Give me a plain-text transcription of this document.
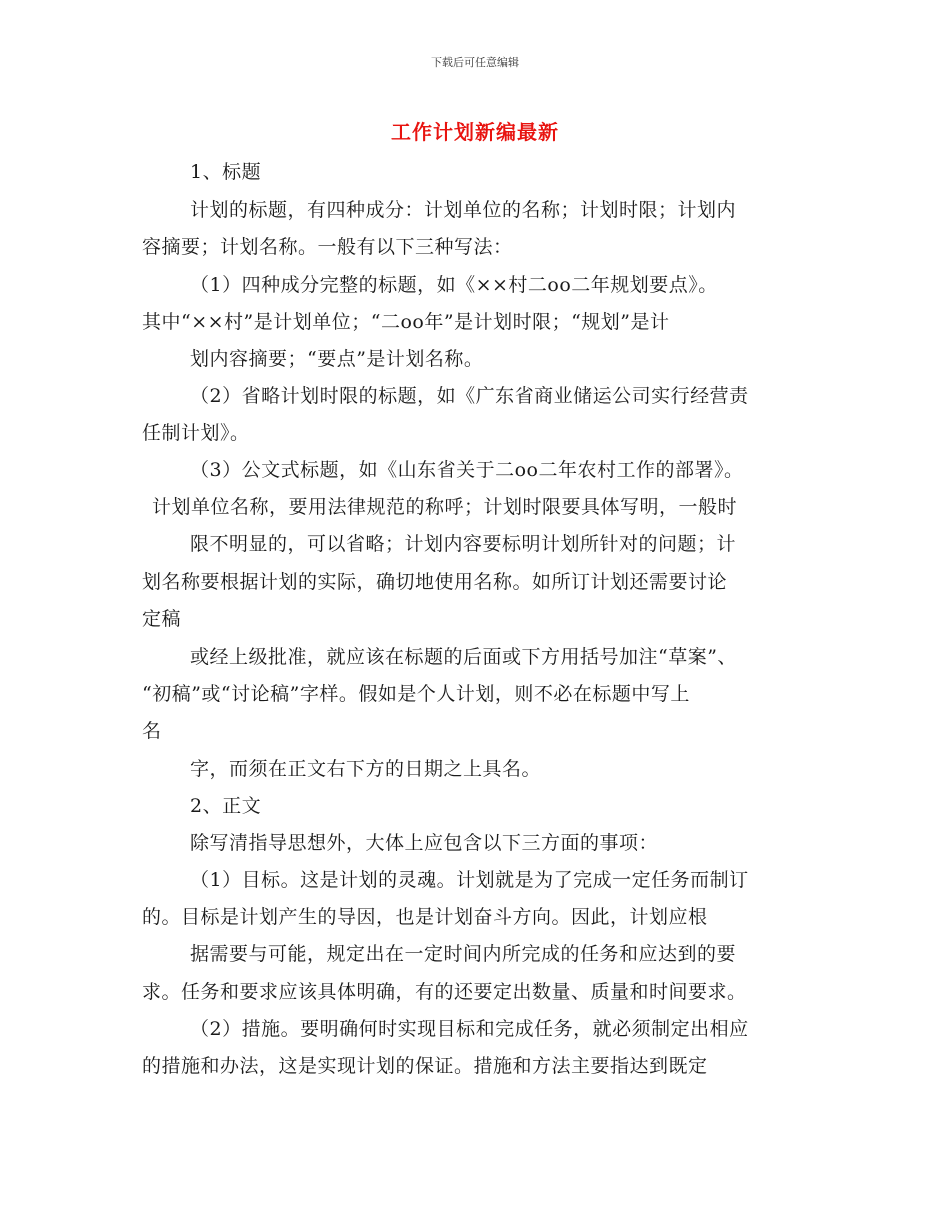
下载后可任意编辑
工作计划新编最新
1、标题
计划的标题，有四种成分：计划单位的名称；计划时限；计划内
容摘要；计划名称。一般有以下三种写法：
（1）四种成分完整的标题，如《××村二oo二年规划要点》。
其中“××村”是计划单位；“二oo年”是计划时限；“规划”是计
划内容摘要；“要点”是计划名称。
（2）省略计划时限的标题，如《广东省商业储运公司实行经营责
任制计划》。
（3）公文式标题，如《山东省关于二oo二年农村工作的部署》。
计划单位名称，要用法律规范的称呼；计划时限要具体写明，一般时
限不明显的，可以省略；计划内容要标明计划所针对的问题；计
划名称要根据计划的实际，确切地使用名称。如所订计划还需要讨论
定稿
或经上级批准，就应该在标题的后面或下方用括号加注“草案”、
“初稿”或“讨论稿”字样。假如是个人计划，则不必在标题中写上
名
字，而须在正文右下方的日期之上具名。
2、正文
除写清指导思想外，大体上应包含以下三方面的事项：
（1）目标。这是计划的灵魂。计划就是为了完成一定任务而制订
的。目标是计划产生的导因，也是计划奋斗方向。因此，计划应根
据需要与可能，规定出在一定时间内所完成的任务和应达到的要
求。任务和要求应该具体明确，有的还要定出数量、质量和时间要求。
（2）措施。要明确何时实现目标和完成任务，就必须制定出相应
的措施和办法，这是实现计划的保证。措施和方法主要指达到既定
